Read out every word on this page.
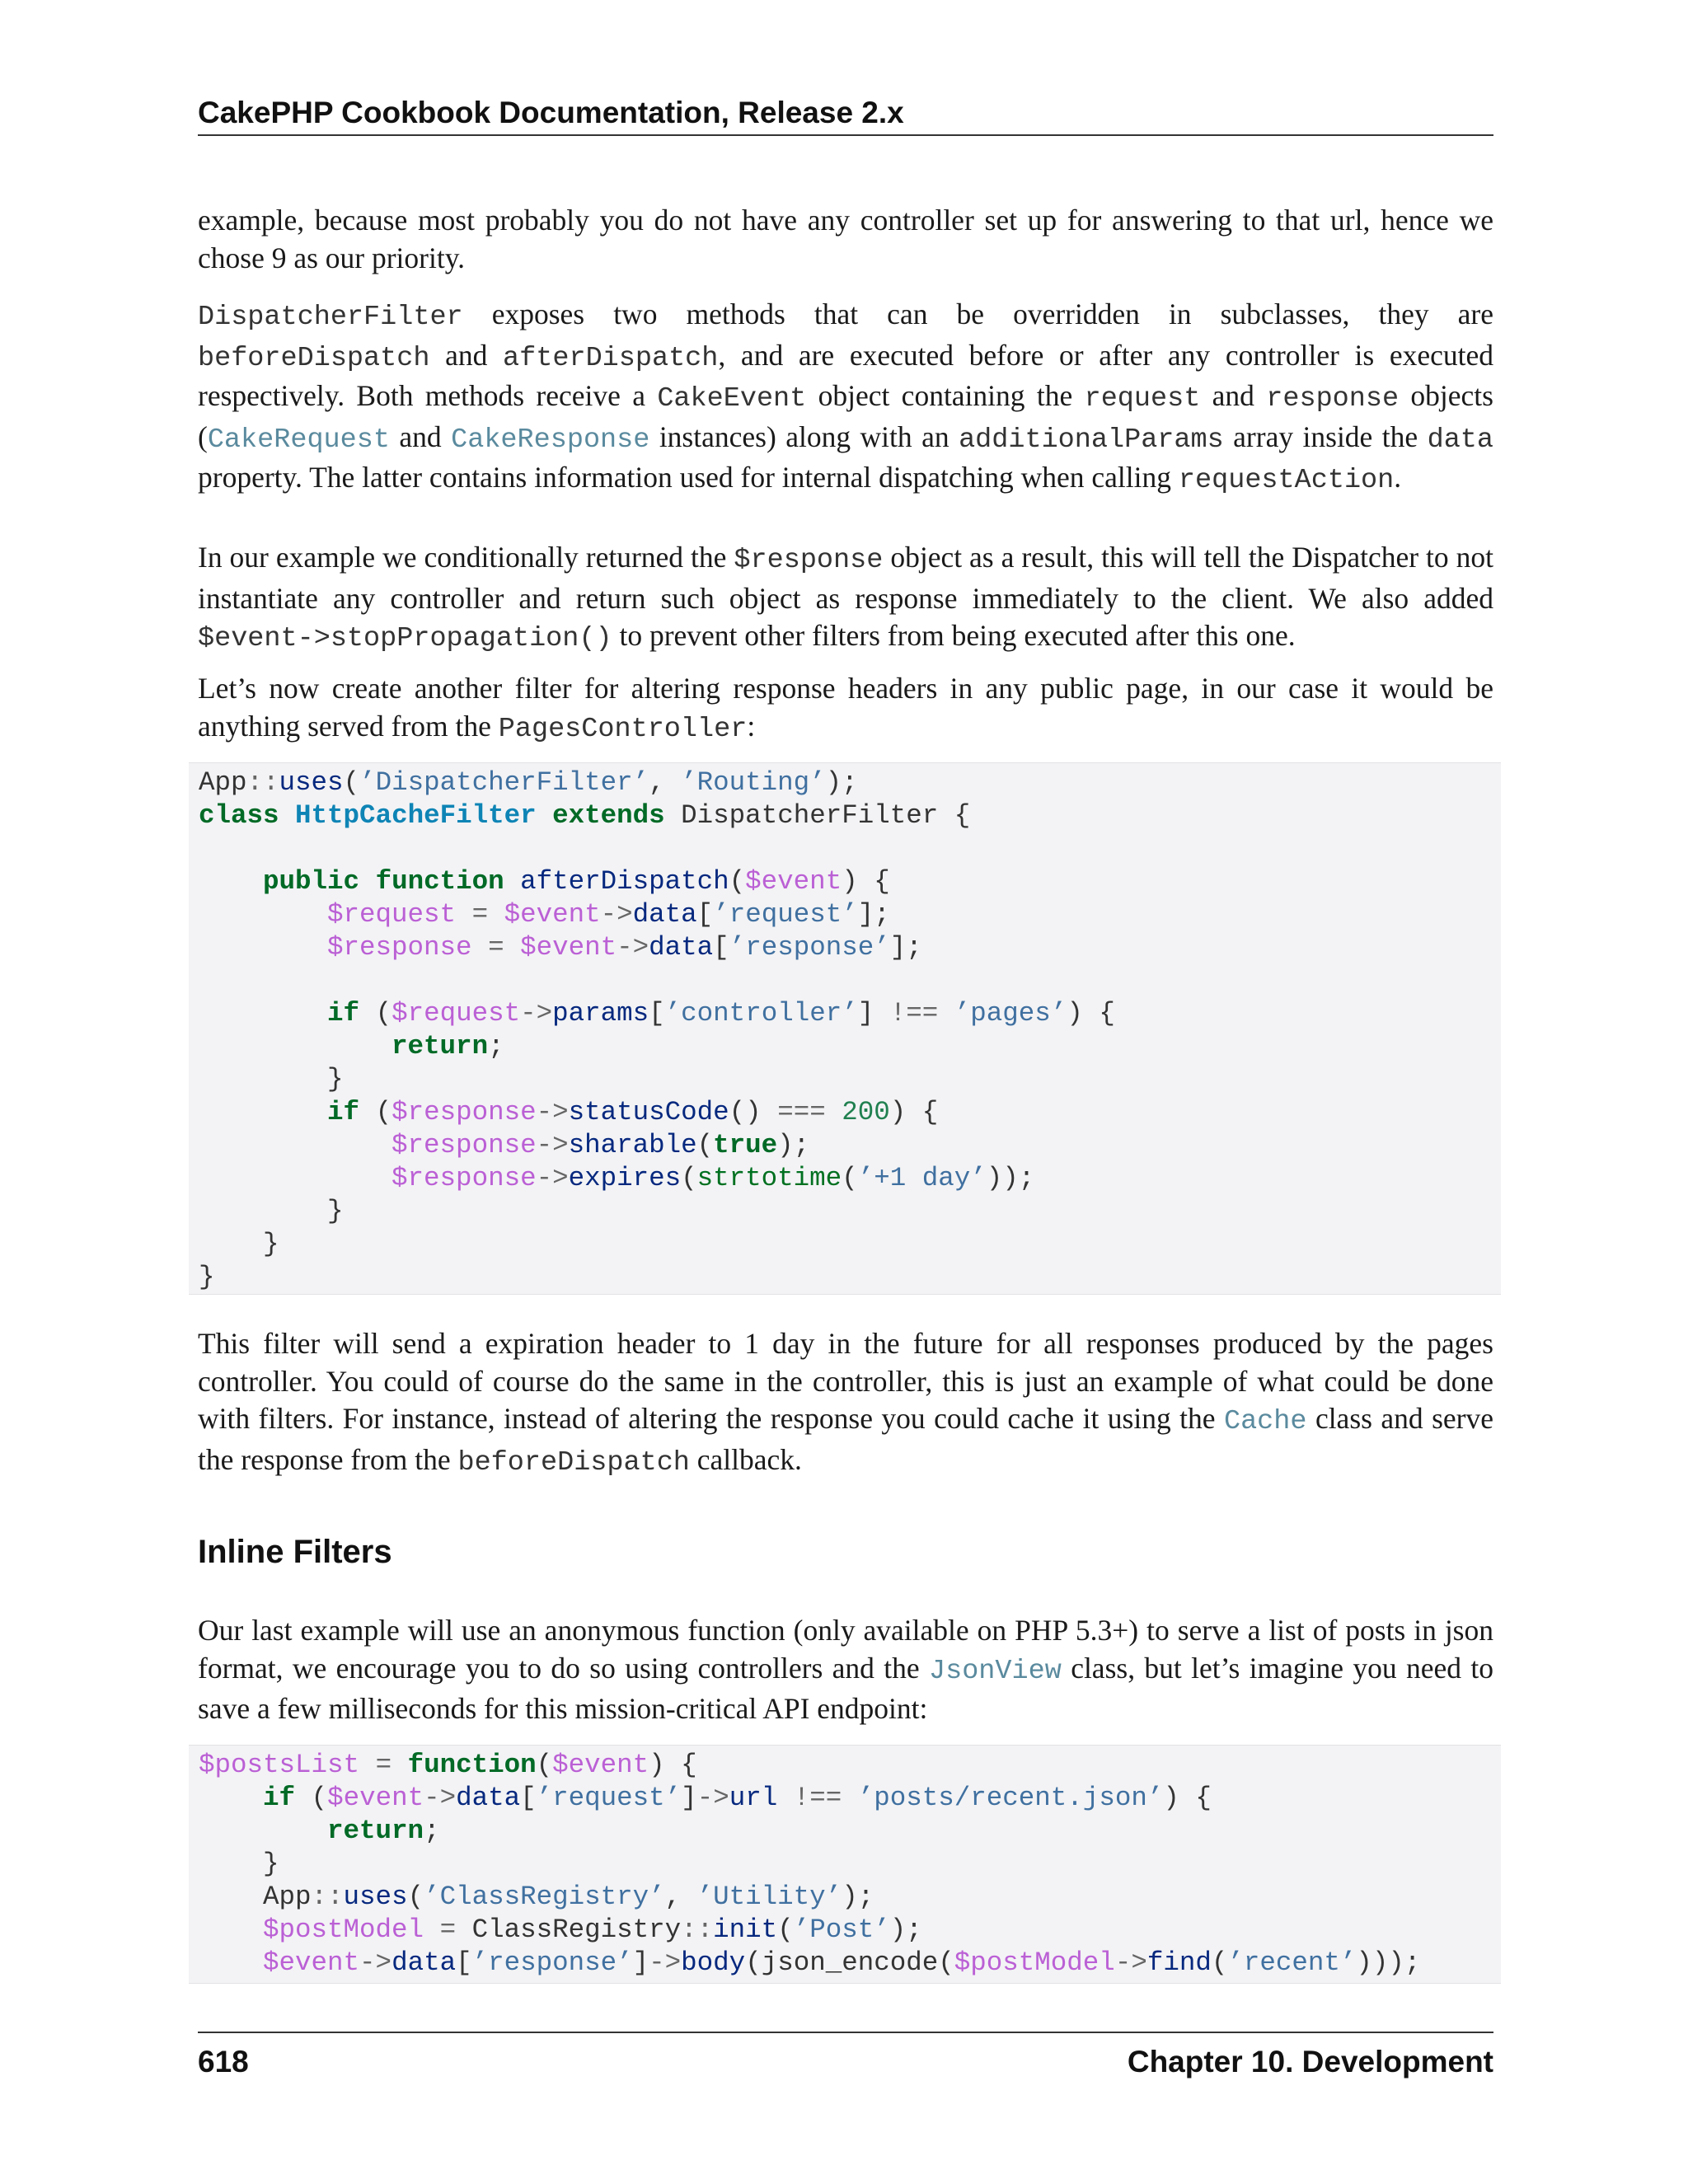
CakePHP Cookbook Documentation, Release 2.x

example, because most probably you do not have any controller set up for answering to that url, hence we chose 9 as our priority.

DispatcherFilter exposes two methods that can be overridden in subclasses, they are beforeDispatch and afterDispatch, and are executed before or after any controller is executed respectively. Both methods receive a CakeEvent object containing the request and response objects (CakeRequest and CakeResponse instances) along with an additionalParams array inside the data property. The latter contains information used for internal dispatching when calling requestAction.

In our example we conditionally returned the $response object as a result, this will tell the Dispatcher to not instantiate any controller and return such object as response immediately to the client. We also added $event->stopPropagation() to prevent other filters from being executed after this one.

Let’s now create another filter for altering response headers in any public page, in our case it would be anything served from the PagesController:

App::uses(’DispatcherFilter’, ’Routing’);
class HttpCacheFilter extends DispatcherFilter {
public function afterDispatch($event) {
$request = $event->data[’request’];
$response = $event->data[’response’];
if ($request->params[’controller’] !== ’pages’) {
return;
}
if ($response->statusCode() === 200) {
$response->sharable(true);
$response->expires(strtotime(’+1 day’));
}
}
}

This filter will send a expiration header to 1 day in the future for all responses produced by the pages controller. You could of course do the same in the controller, this is just an example of what could be done with filters. For instance, instead of altering the response you could cache it using the Cache class and serve the response from the beforeDispatch callback.

Inline Filters

Our last example will use an anonymous function (only available on PHP 5.3+) to serve a list of posts in json format, we encourage you to do so using controllers and the JsonView class, but let’s imagine you need to save a few milliseconds for this mission-critical API endpoint:

$postsList = function($event) {
if ($event->data[’request’]->url !== ’posts/recent.json’) {
return;
}
App::uses(’ClassRegistry’, ’Utility’);
$postModel = ClassRegistry::init(’Post’);
$event->data[’response’]->body(json_encode($postModel->find(’recent’)));

618	Chapter 10. Development
